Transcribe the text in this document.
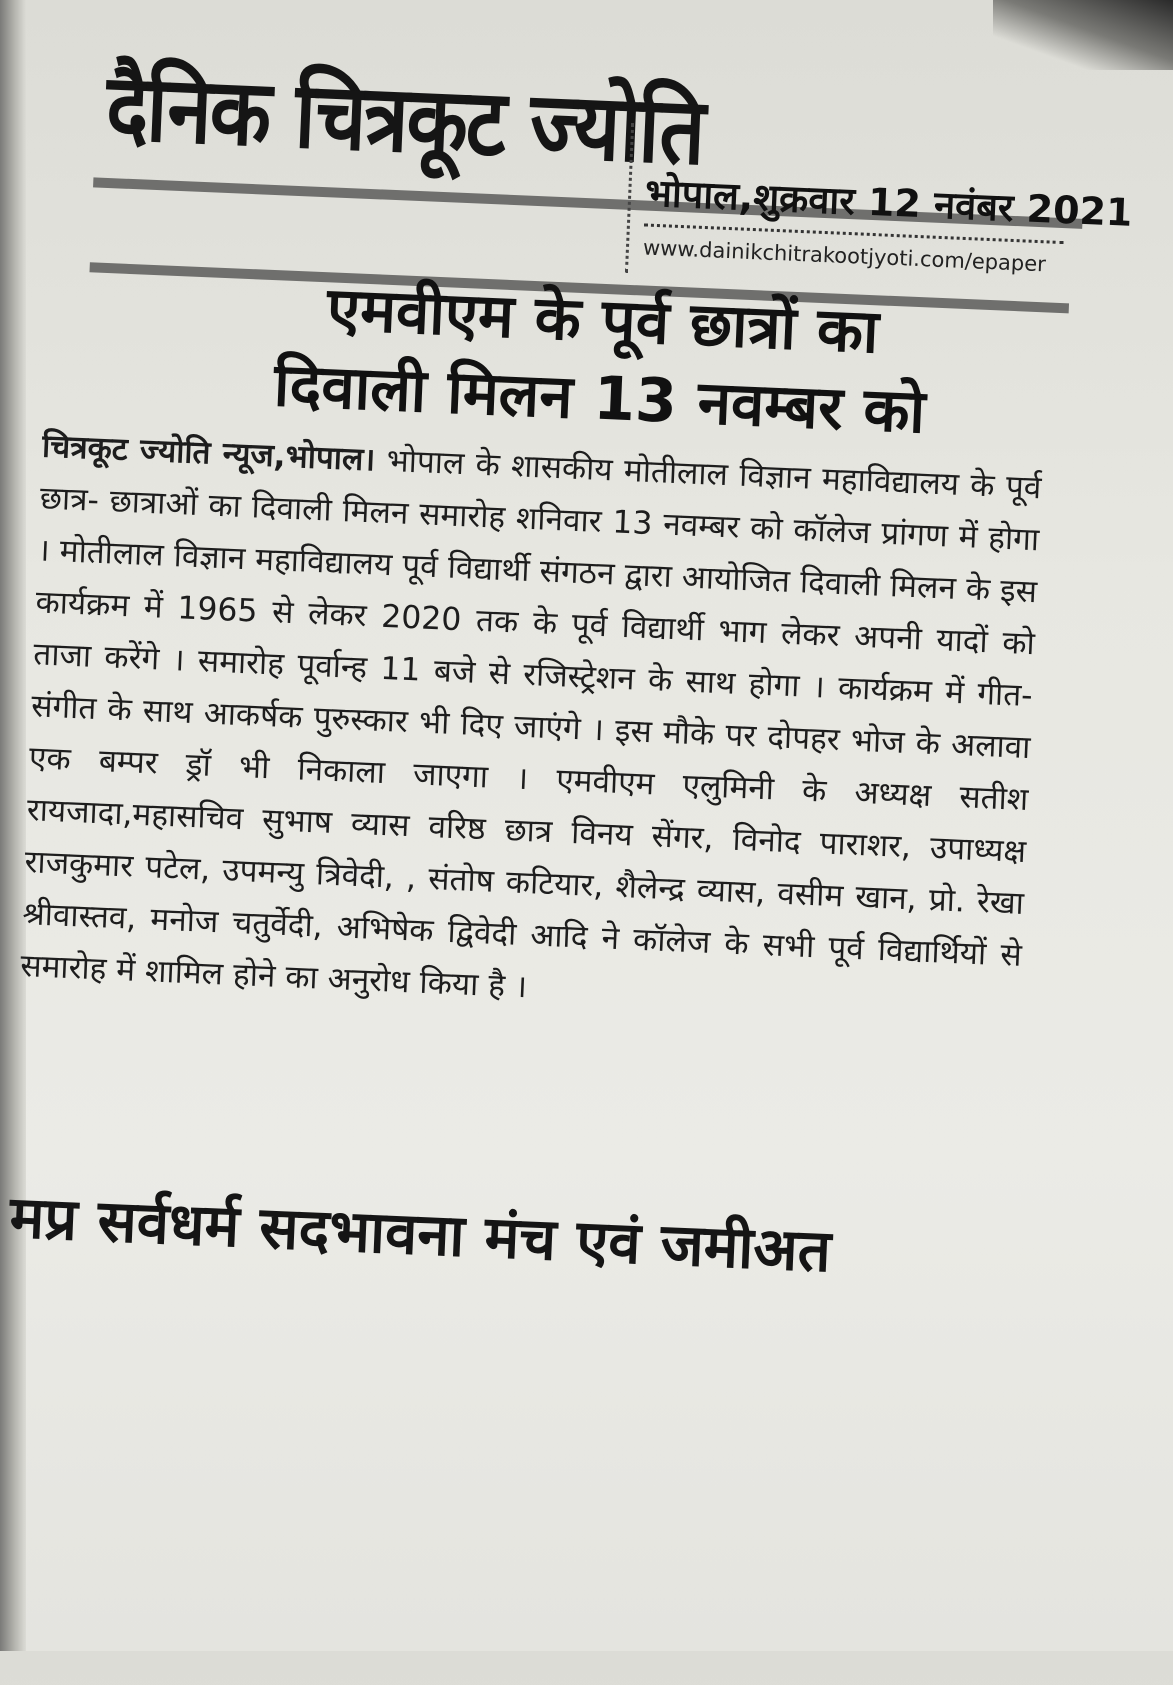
दैनिक चित्रकूट ज्योति
भोपाल,शुक्रवार 12 नवंबर 2021
www.dainikchitrakootjyoti.com/epaper
एमवीएम के पूर्व छात्रों का
दिवाली मिलन 13 नवम्बर को
चित्रकूट ज्योति न्यूज,भोपाल। भोपाल के शासकीय मोतीलाल विज्ञान महाविद्यालय के पूर्व छात्र- छात्राओं का दिवाली मिलन समारोह शनिवार 13 नवम्बर को कॉलेज प्रांगण में होगा । मोतीलाल विज्ञान महाविद्यालय पूर्व विद्यार्थी संगठन द्वारा आयोजित दिवाली मिलन के इस कार्यक्रम में 1965 से लेकर 2020 तक के पूर्व विद्यार्थी भाग लेकर अपनी यादों को ताजा करेंगे । समारोह पूर्वान्ह 11 बजे से रजिस्ट्रेशन के साथ होगा । कार्यक्रम में गीत-संगीत के साथ आकर्षक पुरुस्कार भी दिए जाएंगे । इस मौके पर दोपहर भोज के अलावा एक बम्पर ड्रॉ भी निकाला जाएगा । एमवीएम एलुमिनी के अध्यक्ष सतीश रायजादा,महासचिव सुभाष व्यास वरिष्ठ छात्र विनय सेंगर, विनोद पाराशर, उपाध्यक्ष राजकुमार पटेल, उपमन्यु त्रिवेदी, , संतोष कटियार, शैलेन्द्र व्यास, वसीम खान, प्रो. रेखा श्रीवास्तव, मनोज चतुर्वेदी, अभिषेक द्विवेदी आदि ने कॉलेज के सभी पूर्व विद्यार्थियों से समारोह में शामिल होने का अनुरोध किया है ।
मप्र सर्वधर्म सदभावना मंच एवं जमीअत
